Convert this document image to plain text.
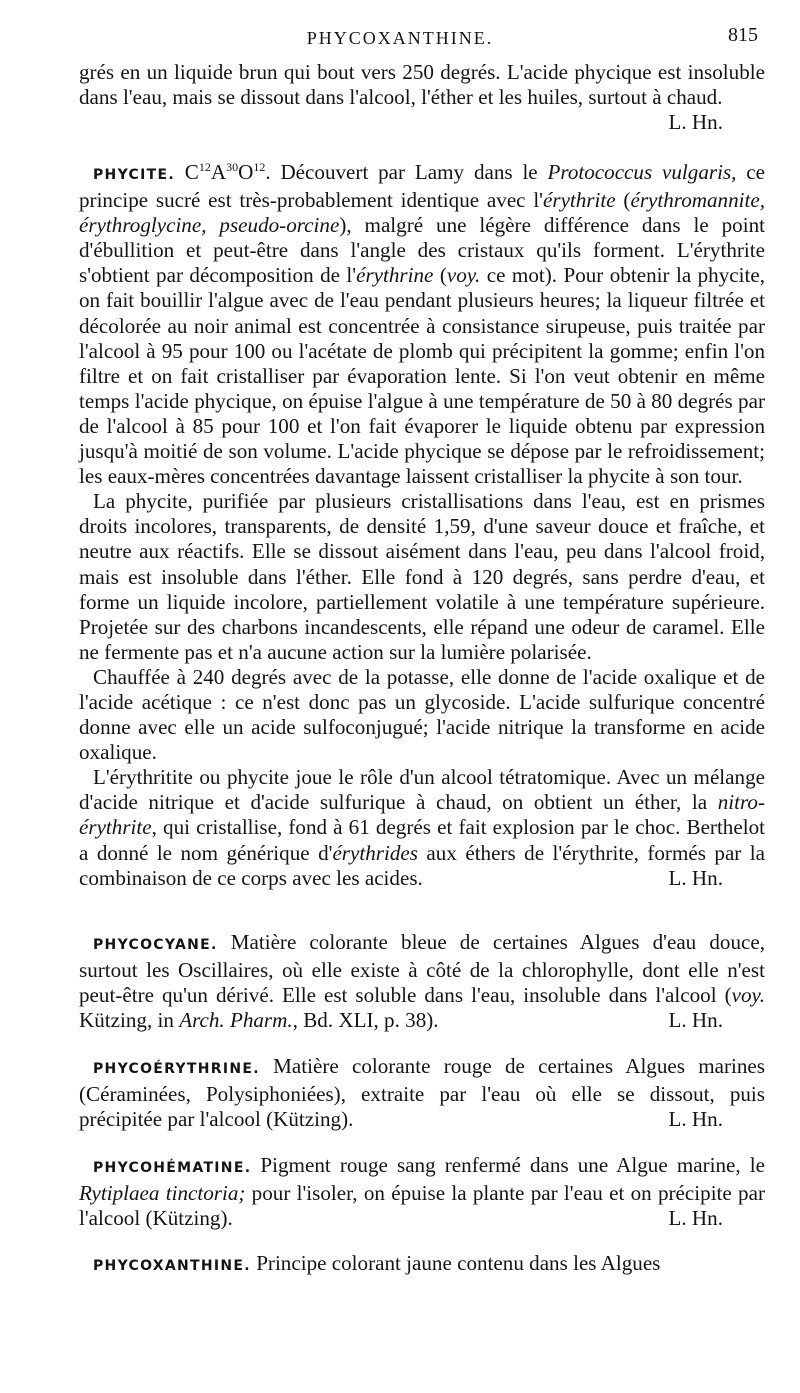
PHYCOXANTHINE.	815

grés en un liquide brun qui bout vers 250 degrés. L'acide phycique est insoluble dans l'eau, mais se dissout dans l'alcool, l'éther et les huiles, surtout à chaud.
L. Hn.

PHYCITE. $C^{12}A^{30}O^{12}$. Découvert par Lamy dans le Protococcus vulgaris, ce principe sucré est très-probablement identique avec l'érythrite (érythromannite, érythroglycine, pseudo-orcine), malgré une légère différence dans le point d'ébullition et peut-être dans l'angle des cristaux qu'ils forment. L'érythrite s'obtient par décomposition de l'érythrine (voy. ce mot). Pour obtenir la phycite, on fait bouillir l'algue avec de l'eau pendant plusieurs heures; la liqueur filtrée et décolorée au noir animal est concentrée à consistance sirupeuse, puis traitée par l'alcool à 95 pour 100 ou l'acétate de plomb qui précipitent la gomme; enfin l'on filtre et on fait cristalliser par évaporation lente. Si l'on veut obtenir en même temps l'acide phycique, on épuise l'algue à une température de 50 à 80 degrés par de l'alcool à 85 pour 100 et l'on fait évaporer le liquide obtenu par expression jusqu'à moitié de son volume. L'acide phycique se dépose par le refroidissement; les eaux-mères concentrées davantage laissent cristalliser la phycite à son tour.

La phycite, purifiée par plusieurs cristallisations dans l'eau, est en prismes droits incolores, transparents, de densité 1,59, d'une saveur douce et fraîche, et neutre aux réactifs. Elle se dissout aisément dans l'eau, peu dans l'alcool froid, mais est insoluble dans l'éther. Elle fond à 120 degrés, sans perdre d'eau, et forme un liquide incolore, partiellement volatile à une température supérieure. Projetée sur des charbons incandescents, elle répand une odeur de caramel. Elle ne fermente pas et n'a aucune action sur la lumière polarisée.

Chauffée à 240 degrés avec de la potasse, elle donne de l'acide oxalique et de l'acide acétique : ce n'est donc pas un glycoside. L'acide sulfurique concentré donne avec elle un acide sulfoconjugué; l'acide nitrique la transforme en acide oxalique.

L'érythritite ou phycite joue le rôle d'un alcool tétratomique. Avec un mélange d'acide nitrique et d'acide sulfurique à chaud, on obtient un éther, la nitro-érythrite, qui cristallise, fond à 61 degrés et fait explosion par le choc. Berthelot a donné le nom générique d'érythrides aux éthers de l'érythrite, formés par la combinaison de ce corps avec les acides.	L. Hn.

PHYCOCYANE. Matière colorante bleue de certaines Algues d'eau douce, surtout les Oscillaires, où elle existe à côté de la chlorophylle, dont elle n'est peut-être qu'un dérivé. Elle est soluble dans l'eau, insoluble dans l'alcool (voy. Kützing, in Arch. Pharm., Bd. XLI, p. 38).	L. Hn.

PHYCOÉRYTHRINE. Matière colorante rouge de certaines Algues marines (Céraminées, Polysiphoniées), extraite par l'eau où elle se dissout, puis précipitée par l'alcool (Kützing).	L. Hn.

PHYCOHÉMATINE. Pigment rouge sang renfermé dans une Algue marine, le Rytiplaea tinctoria; pour l'isoler, on épuise la plante par l'eau et on précipite par l'alcool (Kützing).	L. Hn.

PHYCOXANTHINE. Principe colorant jaune contenu dans les Algues
